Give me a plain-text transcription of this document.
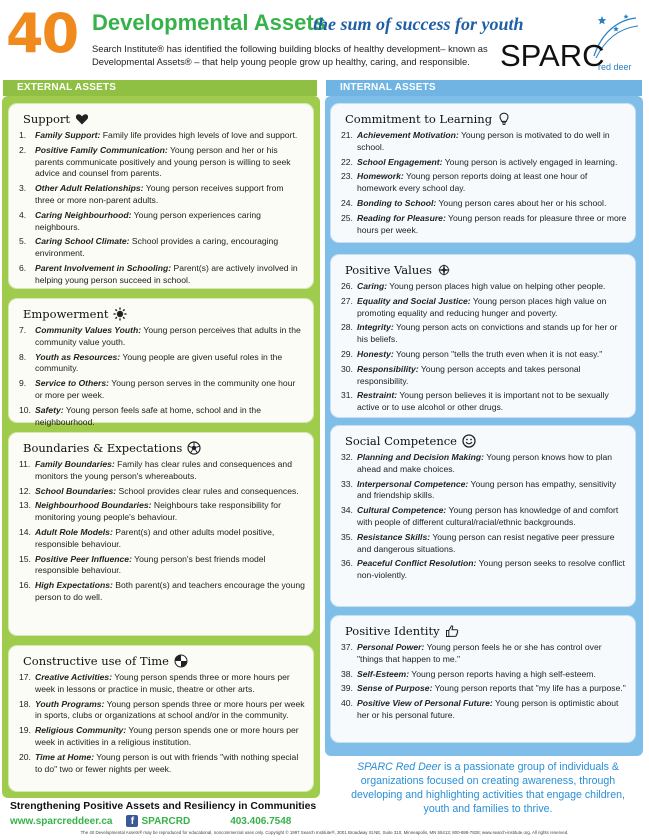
40 Developmental Assets
the sum of success for youth
Search Institute® has identified the following building blocks of healthy development– known as Developmental Assets® – that help young people grow up healthy, caring, and responsible. SPARC
red deer
EXTERNAL ASSETS	INTERNAL ASSETS
Support
1.	Family Support: Family life provides high levels of love and support.
2.	Positive Family Communication: Young person and her or his parents communicate positively and young person is willing to seek advice and counsel from parents.
3.	Other Adult Relationships: Young person receives support from three or more non-parent adults.
4.	Caring Neighbourhood: Young person experiences caring neighbours.
5.	Caring School Climate: School provides a caring, encouraging environment.
6.	Parent Involvement in Schooling: Parent(s) are actively involved in helping young person succeed in school.
Empowerment
7.	Community Values Youth: Young person perceives that adults in the community value youth.
8.	Youth as Resources: Young people are given useful roles in the community.
9.	Service to Others: Young person serves in the community one hour or more per week.
10. Safety: Young person feels safe at home, school and in the neighbourhood.
Boundaries & Expectations
11. Family Boundaries: Family has clear rules and consequences and monitors the young person's whereabouts.
12. School Boundaries: School provides clear rules and consequences.
13. Neighbourhood Boundaries: Neighbours take responsibility for monitoring young people's behaviour.
14. Adult Role Models: Parent(s) and other adults model positive, responsible behaviour.
15. Positive Peer Influence: Young person's best friends model responsible behaviour.
16. High Expectations: Both parent(s) and teachers encourage the young person to do well.
Constructive use of Time
17. Creative Activities: Young person spends three or more hours per week in lessons or practice in music, theatre or other arts.
18. Youth Programs: Young person spends three or more hours per week in sports, clubs or organizations at school and/or in the community.
19. Religious Community: Young person spends one or more hours per week in activities in a religious institution.
20. Time at Home: Young person is out with friends "with nothing special to do" two or fewer nights per week.
Commitment to Learning
21. Achievement Motivation: Young person is motivated to do well in school.
22. School Engagement: Young person is actively engaged in learning.
23. Homework: Young person reports doing at least one hour of homework every school day.
24. Bonding to School: Young person cares about her or his school.
25. Reading for Pleasure: Young person reads for pleasure three or more hours per week.
Positive Values
26. Caring: Young person places high value on helping other people.
27. Equality and Social Justice: Young person places high value on promoting equality and reducing hunger and poverty.
28. Integrity: Young person acts on convictions and stands up for her or his beliefs.
29. Honesty: Young person "tells the truth even when it is not easy."
30. Responsibility: Young person accepts and takes personal responsibility.
31. Restraint: Young person believes it is important not to be sexually active or to use alcohol or other drugs.
Social Competence
32. Planning and Decision Making: Young person knows how to plan ahead and make choices.
33. Interpersonal Competence: Young person has empathy, sensitivity and friendship skills.
34. Cultural Competence: Young person has knowledge of and comfort with people of different cultural/racial/ethnic backgrounds.
35. Resistance Skills: Young person can resist negative peer pressure and dangerous situations.
36. Peaceful Conflict Resolution: Young person seeks to resolve conflict non-violently.
Positive Identity
37. Personal Power: Young person feels he or she has control over "things that happen to me."
38. Self-Esteem: Young person reports having a high self-esteem.
39. Sense of Purpose: Young person reports that "my life has a purpose."
40. Positive View of Personal Future: Young person is optimistic about her or his personal future.
SPARC Red Deer is a passionate group of individuals & organizations focused on creating awareness, through developing and highlighting activities that engage children, youth and families to thrive.
Strengthening Positive Assets and Resiliency in Communities
www.sparcreddeer.ca	f SPARCRD	403.406.7548
The 40 Developmental Assets® may be reproduced for educational, noncommercial uses only. Copyright © 1997 Search Institute®, 3001 Broadway St.NE, Suite 310, Minneapolis, MN 55413; 800-888-7828; www.search-institute.org. All rights reserved.
